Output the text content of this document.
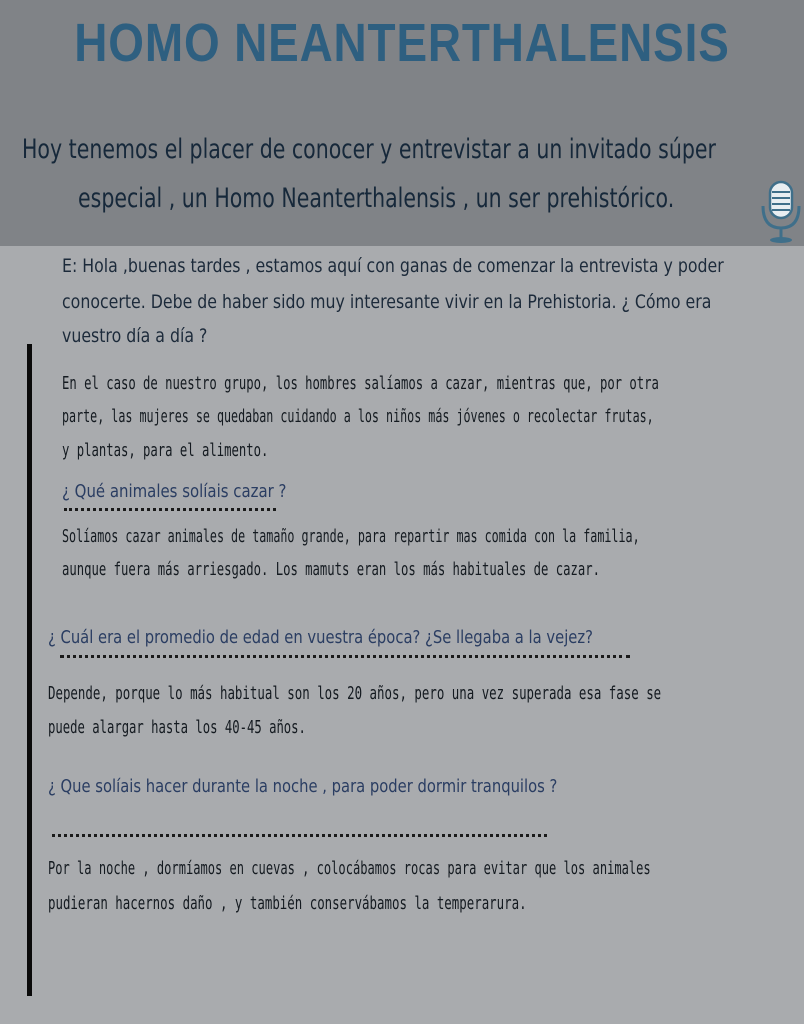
HOMO NEANTERTHALENSIS
Hoy tenemos el placer de conocer y entrevistar a un invitado súper
especial , un Homo Neanterthalensis , un ser prehistórico.
E: Hola ,buenas tardes , estamos aquí con ganas de comenzar la entrevista y poder
conocerte. Debe de haber sido muy interesante vivir en la Prehistoria. ¿ Cómo era
vuestro día a día ?
En el caso de nuestro grupo, los hombres salíamos a cazar, mientras que, por otra
parte, las mujeres se quedaban cuidando a los niños más jóvenes o recolectar frutas,
y plantas, para el alimento.
¿ Qué animales solíais cazar ?
Solíamos cazar animales de tamaño grande, para repartir mas comida con la familia,
aunque fuera más arriesgado. Los mamuts eran los más habituales de cazar.
¿ Cuál era el promedio de edad en vuestra época? ¿Se llegaba a la vejez?
Depende, porque lo más habitual son los 20 años, pero una vez superada esa fase se
puede alargar hasta los 40-45 años.
¿ Que solíais hacer durante la noche , para poder dormir tranquilos ?
Por la noche , dormíamos en cuevas , colocábamos rocas para evitar que los animales
pudieran hacernos daño , y también conservábamos la temperarura.
